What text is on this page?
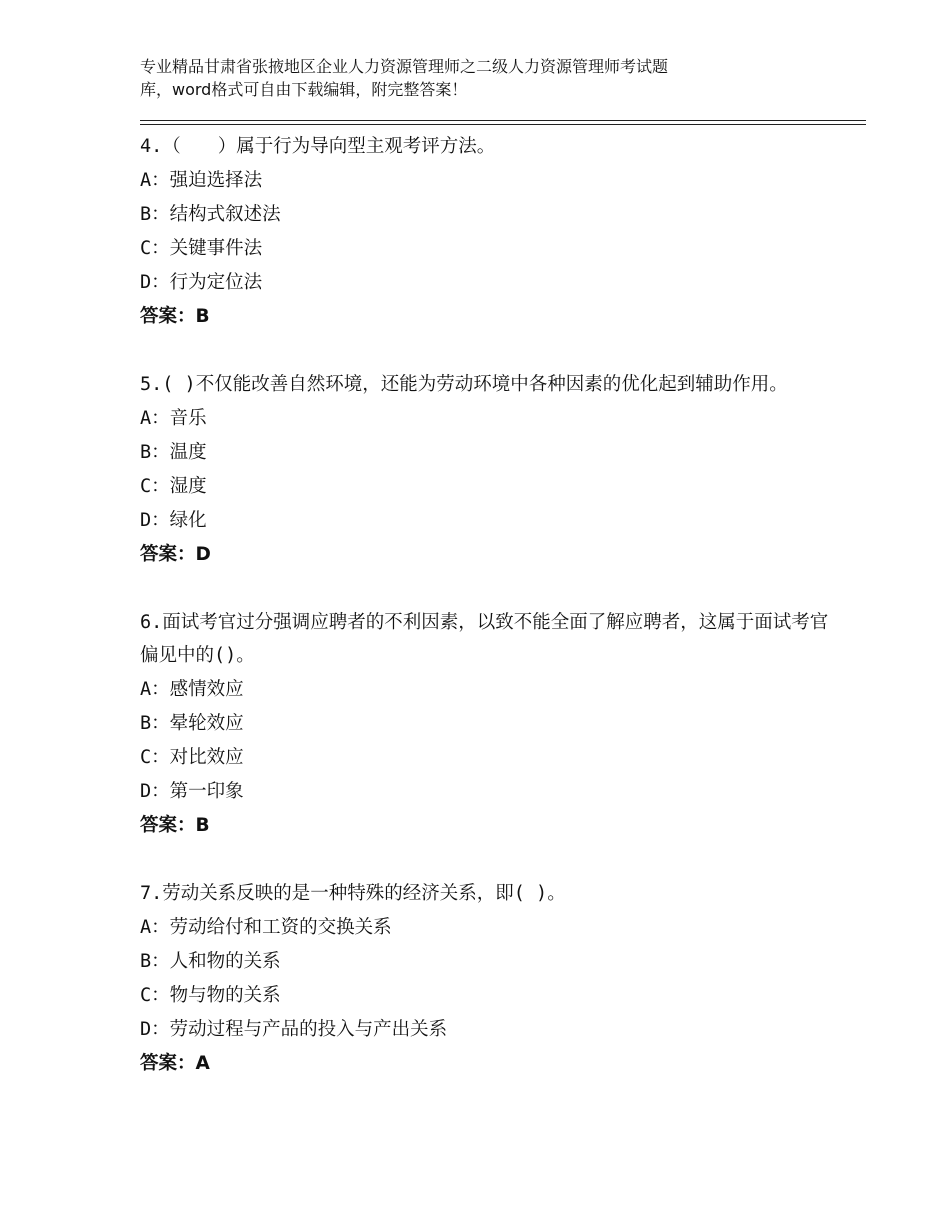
专业精品甘肃省张掖地区企业人力资源管理师之二级人力资源管理师考试题
库，word格式可自由下载编辑，附完整答案！
4.（　　）属于行为导向型主观考评方法。
A：强迫选择法
B：结构式叙述法
C：关键事件法
D：行为定位法
答案：B
5.( )不仅能改善自然环境，还能为劳动环境中各种因素的优化起到辅助作用。
A：音乐
B：温度
C：湿度
D：绿化
答案：D
6.面试考官过分强调应聘者的不利因素，以致不能全面了解应聘者，这属于面试考官偏见中的()。
A：感情效应
B：晕轮效应
C：对比效应
D：第一印象
答案：B
7.劳动关系反映的是一种特殊的经济关系，即( )。
A：劳动给付和工资的交换关系
B：人和物的关系
C：物与物的关系
D：劳动过程与产品的投入与产出关系
答案：A
